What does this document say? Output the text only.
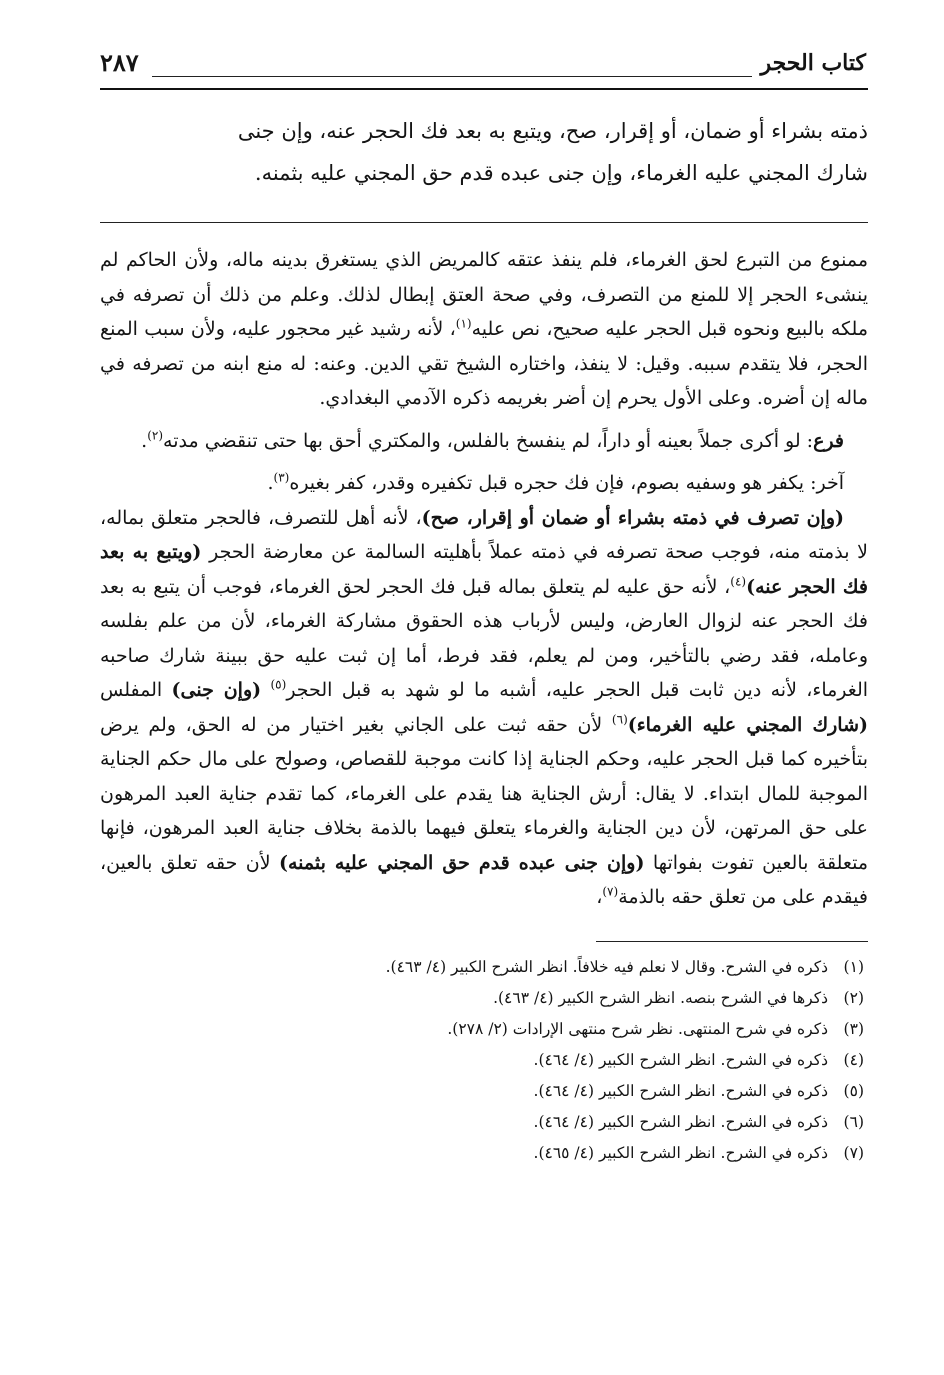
كتاب الحجر
٢٨٧

ذمته بشراء أو ضمان، أو إقرار، صح، ويتبع به بعد فك الحجر عنه، وإن جنى

شارك المجني عليه الغرماء، وإن جنى عبده قدم حق المجني عليه بثمنه.

ممنوع من التبرع لحق الغرماء، فلم ينفذ عتقه كالمريض الذي يستغرق بدينه ماله، ولأن الحاكم لم ينشىء الحجر إلا للمنع من التصرف، وفي صحة العتق إبطال لذلك. وعلم من ذلك أن تصرفه في ملكه بالبيع ونحوه قبل الحجر عليه صحيح، نص عليه$^{(١)}$، لأنه رشيد غير محجور عليه، ولأن سبب المنع الحجر، فلا يتقدم سببه. وقيل: لا ينفذ، واختاره الشيخ تقي الدين. وعنه: له منع ابنه من تصرفه في ماله إن أضره. وعلى الأول يحرم إن أضر بغريمه ذكره الآدمي البغدادي.

فرع: لو أكرى جملاً بعينه أو داراً، لم ينفسخ بالفلس، والمكتري أحق بها حتى تنقضي مدته$^{(٢)}$.

آخر: يكفر هو وسفيه بصوم، فإن فك حجره قبل تكفيره وقدر، كفر بغيره$^{(٣)}$.

(وإن تصرف في ذمته بشراء أو ضمان أو إقرار، صح)، لأنه أهل للتصرف، فالحجر متعلق بماله، لا بذمته منه، فوجب صحة تصرفه في ذمته عملاً بأهليته السالمة عن معارضة الحجر (ويتبع به بعد فك الحجر عنه)$^{(٤)}$، لأنه حق عليه لم يتعلق بماله قبل فك الحجر لحق الغرماء، فوجب أن يتبع به بعد فك الحجر عنه لزوال العارض، وليس لأرباب هذه الحقوق مشاركة الغرماء، لأن من علم بفلسه وعامله، فقد رضي بالتأخير، ومن لم يعلم، فقد فرط، أما إن ثبت عليه حق ببينة شارك صاحبه الغرماء، لأنه دين ثابت قبل الحجر عليه، أشبه ما لو شهد به قبل الحجر$^{(٥)}$ (وإن جنى) المفلس (شارك المجني عليه الغرماء)$^{(٦)}$ لأن حقه ثبت على الجاني بغير اختيار من له الحق، ولم يرض بتأخيره كما قبل الحجر عليه، وحكم الجناية إذا كانت موجبة للقصاص، وصولح على مال حكم الجناية الموجبة للمال ابتداء. لا يقال: أرش الجناية هنا يقدم على الغرماء، كما تقدم جناية العبد المرهون على حق المرتهن، لأن دين الجناية والغرماء يتعلق فيهما بالذمة بخلاف جناية العبد المرهون، فإنها متعلقة بالعين تفوت بفواتها (وإن جنى عبده قدم حق المجني عليه بثمنه) لأن حقه تعلق بالعين، فيقدم على من تعلق حقه بالذمة$^{(٧)}$،

(١)
ذكره في الشرح. وقال لا نعلم فيه خلافاً. انظر الشرح الكبير (٤/ ٤٦٣).
(٢)
ذكرها في الشرح بنصه. انظر الشرح الكبير (٤/ ٤٦٣).
(٣)
ذكره في شرح المنتهى. نظر شرح منتهى الإرادات (٢/ ٢٧٨).
(٤)
ذكره في الشرح. انظر الشرح الكبير (٤/ ٤٦٤).
(٥)
ذكره في الشرح. انظر الشرح الكبير (٤/ ٤٦٤).
(٦)
ذكره في الشرح. انظر الشرح الكبير (٤/ ٤٦٤).
(٧)
ذكره في الشرح. انظر الشرح الكبير (٤/ ٤٦٥).
